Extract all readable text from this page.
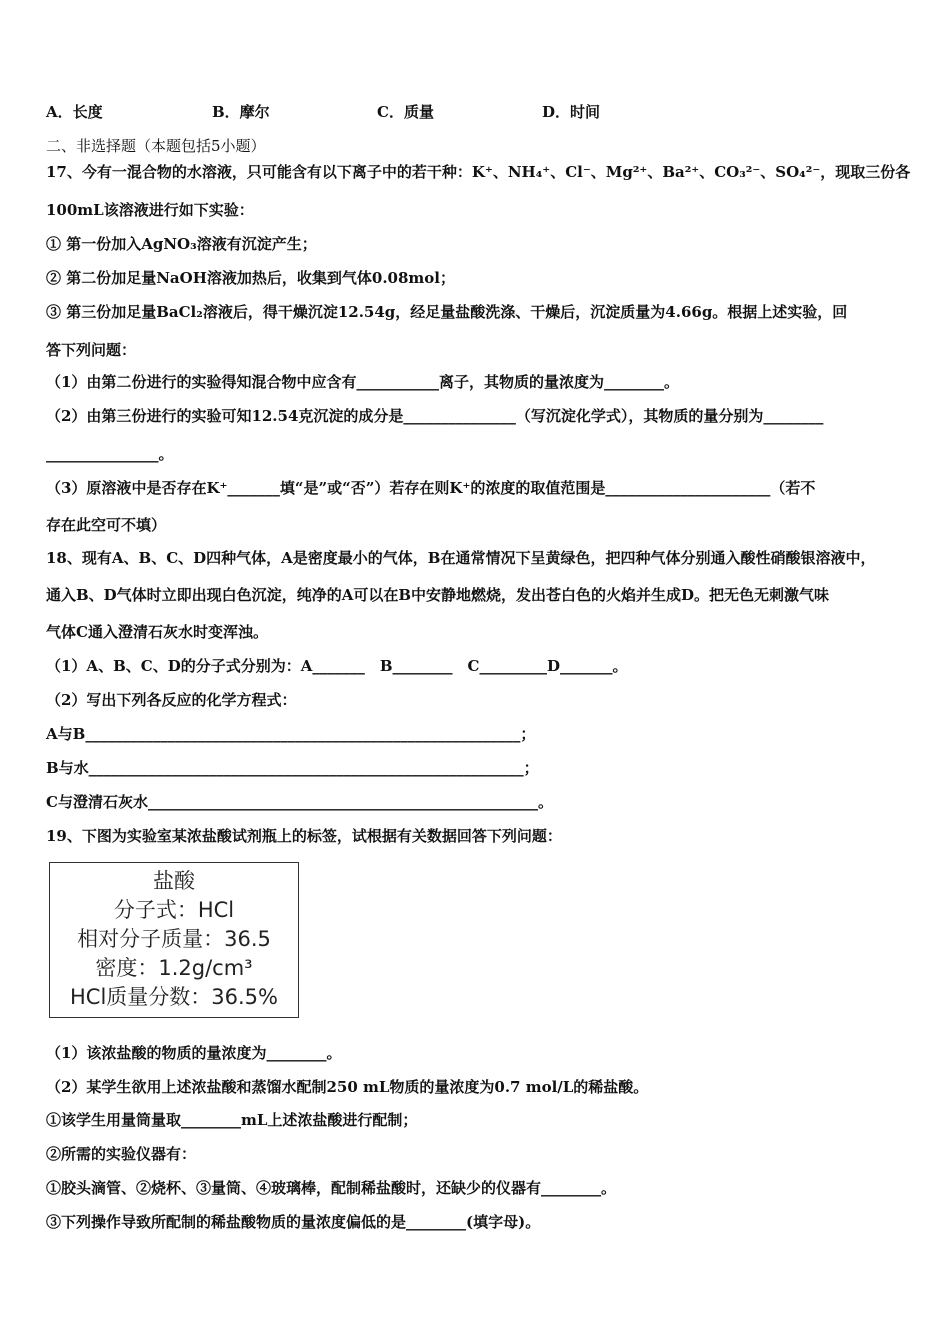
A．长度	B．摩尔	C．质量	D．时间
二、非选择题（本题包括5小题）
17、今有一混合物的水溶液，只可能含有以下离子中的若干种：K⁺、NH₄⁺、Cl⁻、Mg²⁺、Ba²⁺、CO₃²⁻、SO₄²⁻，现取三份各
100mL该溶液进行如下实验：
① 第一份加入AgNO₃溶液有沉淀产生；
② 第二份加足量NaOH溶液加热后，收集到气体0.08mol；
③ 第三份加足量BaCl₂溶液后，得干燥沉淀12.54g，经足量盐酸洗涤、干燥后，沉淀质量为4.66g。根据上述实验，回
答下列问题：
（1）由第二份进行的实验得知混合物中应含有___________离子，其物质的量浓度为________。
（2）由第三份进行的实验可知12.54克沉淀的成分是_______________（写沉淀化学式），其物质的量分别为________
_______________。
（3）原溶液中是否存在K⁺_______填“是”或“否”）若存在则K⁺的浓度的取值范围是______________________（若不
存在此空可不填）
18、现有A、B、C、D四种气体，A是密度最小的气体，B在通常情况下呈黄绿色，把四种气体分别通入酸性硝酸银溶液中，
通入B、D气体时立即出现白色沉淀，纯净的A可以在B中安静地燃烧，发出苍白色的火焰并生成D。把无色无刺激气味
气体C通入澄清石灰水时变浑浊。
（1）A、B、C、D的分子式分别为：A_______　B________　C_________D_______。
（2）写出下列各反应的化学方程式：
A与B__________________________________________________________；
B与水__________________________________________________________；
C与澄清石灰水____________________________________________________。
19、下图为实验室某浓盐酸试剂瓶上的标签，试根据有关数据回答下列问题：
盐酸
分子式：HCl
相对分子质量：36.5
密度：1.2g/cm³
HCl质量分数：36.5%
（1）该浓盐酸的物质的量浓度为________。
（2）某学生欲用上述浓盐酸和蒸馏水配制250 mL物质的量浓度为0.7 mol/L的稀盐酸。
①该学生用量筒量取________mL上述浓盐酸进行配制；
②所需的实验仪器有：
①胶头滴管、②烧杯、③量筒、④玻璃棒，配制稀盐酸时，还缺少的仪器有________。
③下列操作导致所配制的稀盐酸物质的量浓度偏低的是________(填字母)。
